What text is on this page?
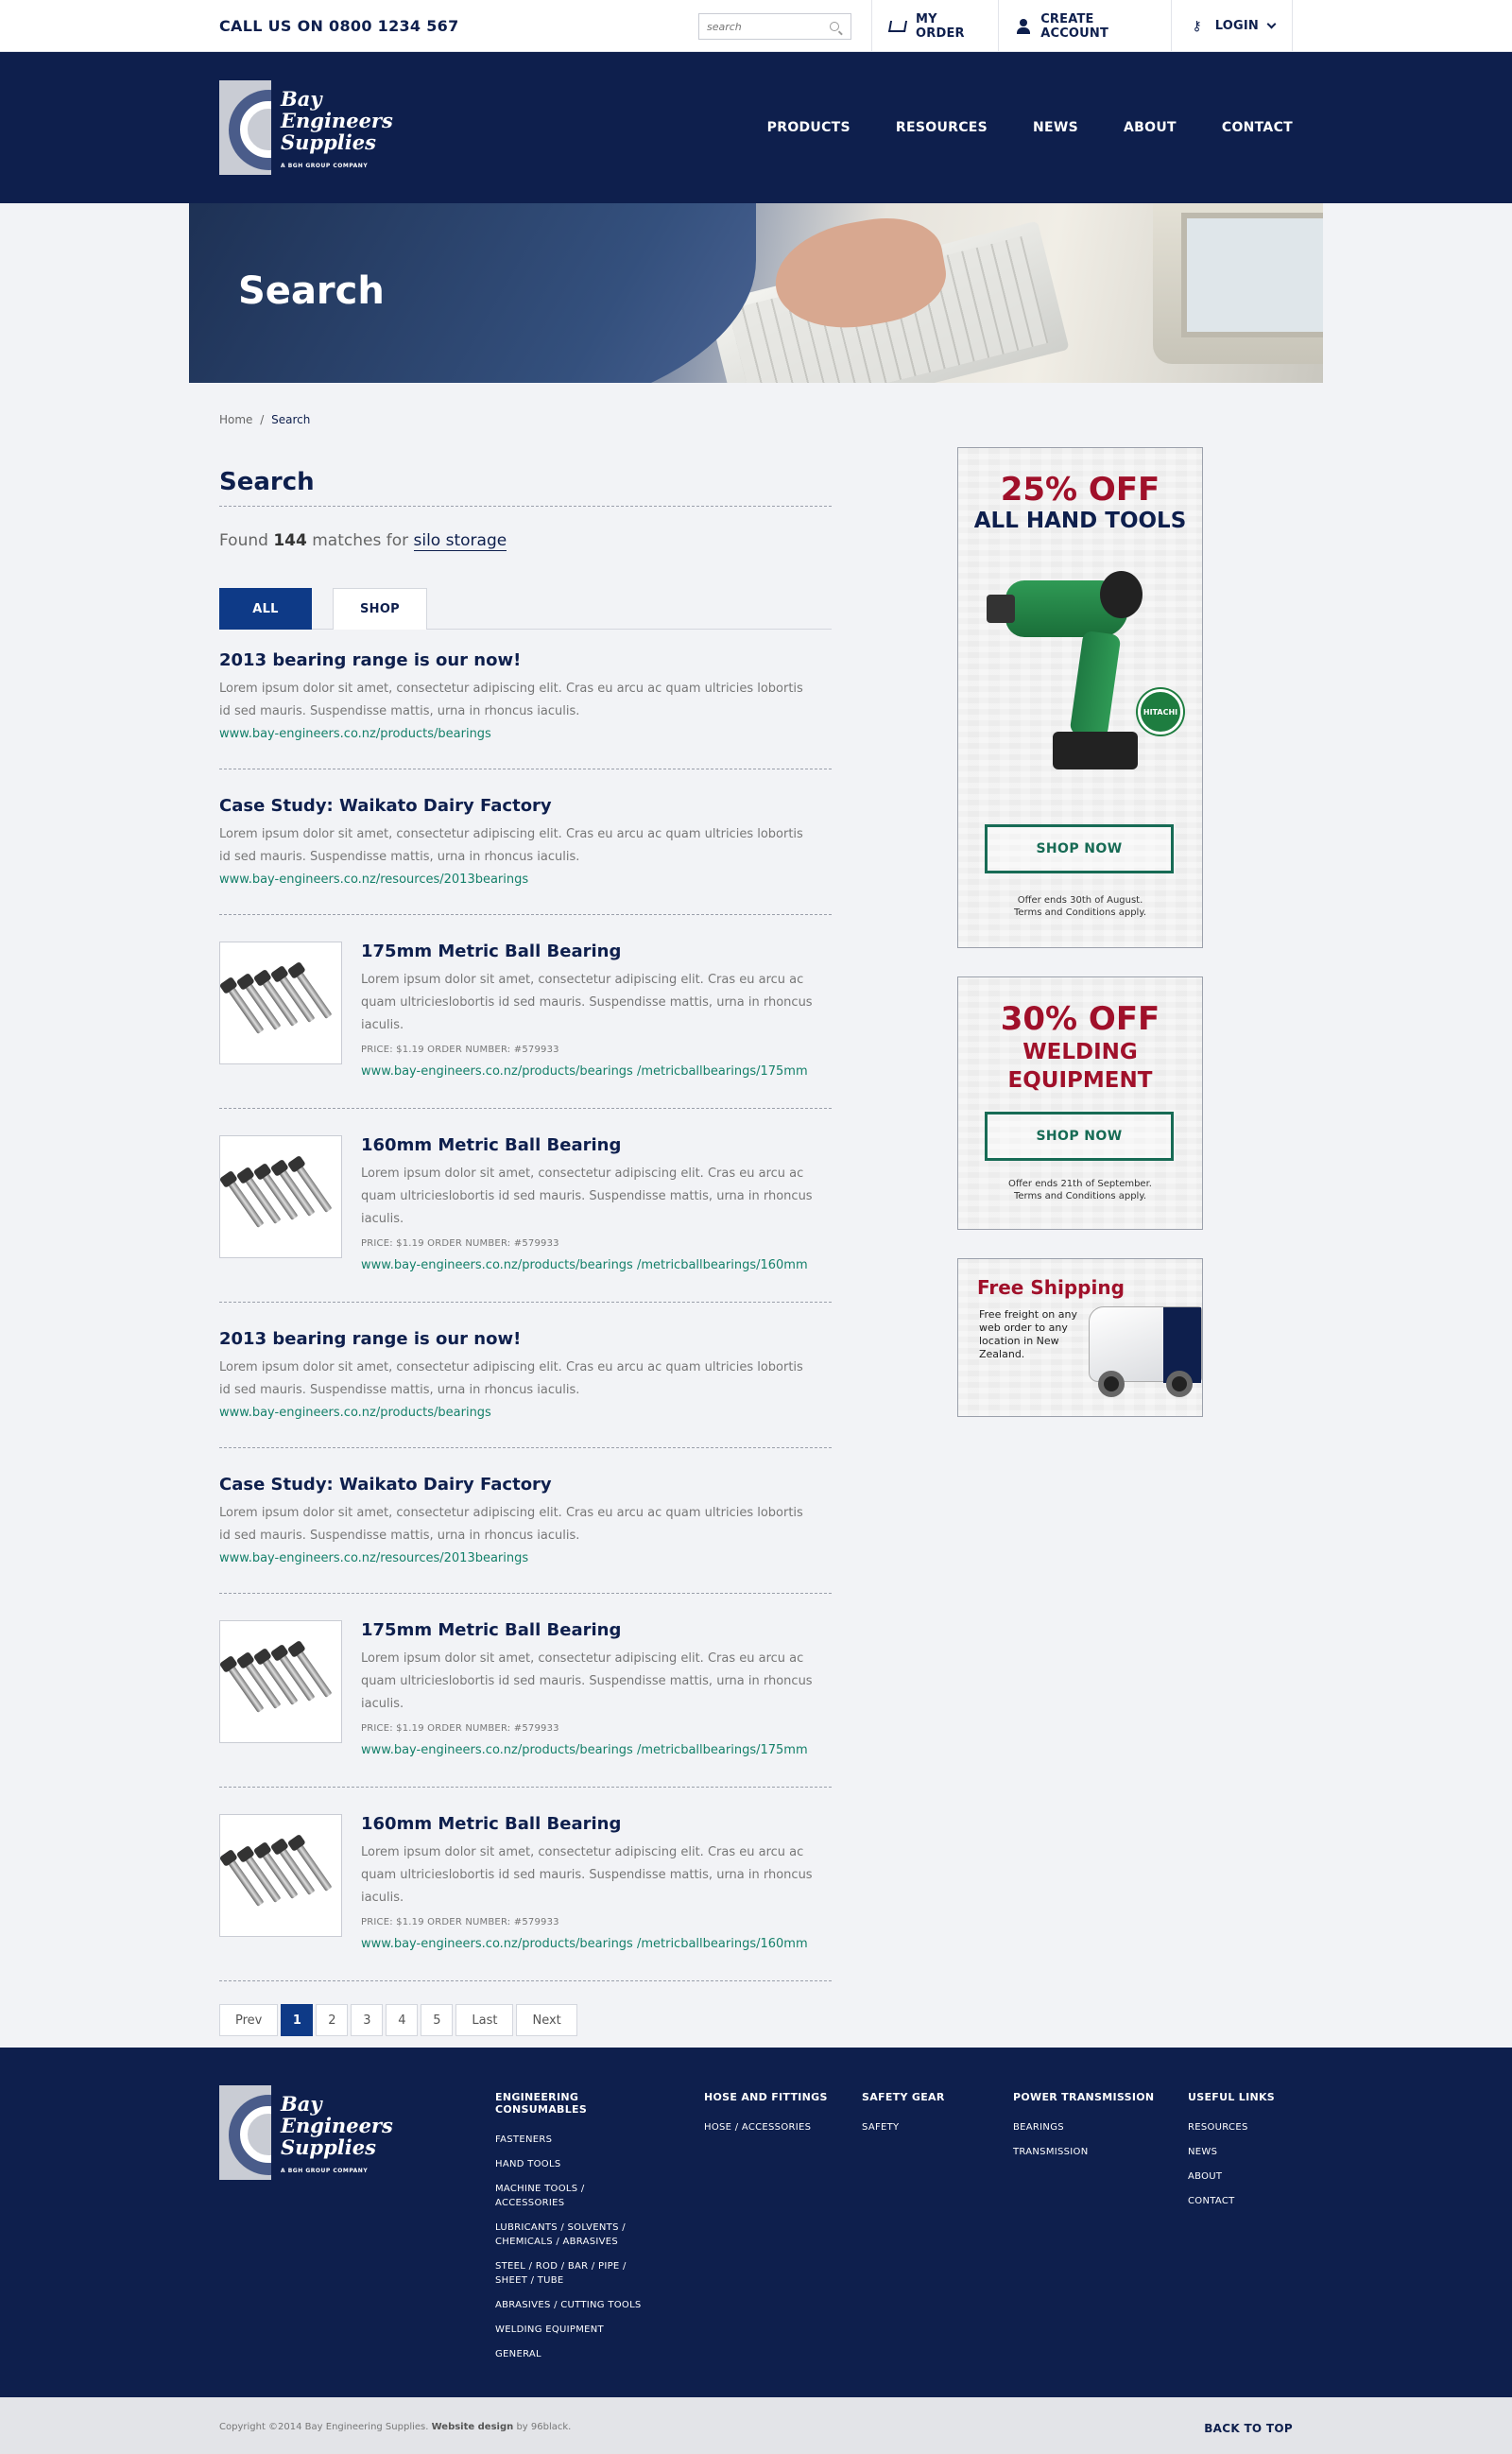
CALL US ON 0800 1234 567
search	MY ORDER
CREATE ACCOUNT	⚷ LOGIN
Bay
Engineers
Supplies
A BGH GROUP COMPANY
PRODUCTS	RESOURCES	NEWS	ABOUT	CONTACT
Search
Home / Search
Search
Found 144 matches for silo storage
ALL	SHOP
2013 bearing range is our now!

Lorem ipsum dolor sit amet, consectetur adipiscing elit. Cras eu arcu ac quam ultricies lobortis id sed mauris. Suspendisse mattis, urna in rhoncus iaculis.

www.bay-engineers.co.nz/products/bearings
Case Study: Waikato Dairy Factory

Lorem ipsum dolor sit amet, consectetur adipiscing elit. Cras eu arcu ac quam ultricies lobortis id sed mauris. Suspendisse mattis, urna in rhoncus iaculis.

www.bay-engineers.co.nz/resources/2013bearings
175mm Metric Ball Bearing

Lorem ipsum dolor sit amet, consectetur adipiscing elit. Cras eu arcu ac quam ultricieslobortis id sed mauris. Suspendisse mattis, urna in rhoncus iaculis.

PRICE: $1.19 ORDER NUMBER: #579933
www.bay-engineers.co.nz/products/bearings /metricballbearings/175mm
160mm Metric Ball Bearing

Lorem ipsum dolor sit amet, consectetur adipiscing elit. Cras eu arcu ac quam ultricieslobortis id sed mauris. Suspendisse mattis, urna in rhoncus iaculis.

PRICE: $1.19 ORDER NUMBER: #579933
www.bay-engineers.co.nz/products/bearings /metricballbearings/160mm
2013 bearing range is our now!

Lorem ipsum dolor sit amet, consectetur adipiscing elit. Cras eu arcu ac quam ultricies lobortis id sed mauris. Suspendisse mattis, urna in rhoncus iaculis.

www.bay-engineers.co.nz/products/bearings
Case Study: Waikato Dairy Factory

Lorem ipsum dolor sit amet, consectetur adipiscing elit. Cras eu arcu ac quam ultricies lobortis id sed mauris. Suspendisse mattis, urna in rhoncus iaculis.

www.bay-engineers.co.nz/resources/2013bearings
175mm Metric Ball Bearing

Lorem ipsum dolor sit amet, consectetur adipiscing elit. Cras eu arcu ac quam ultricieslobortis id sed mauris. Suspendisse mattis, urna in rhoncus iaculis.

PRICE: $1.19 ORDER NUMBER: #579933
www.bay-engineers.co.nz/products/bearings /metricballbearings/175mm
160mm Metric Ball Bearing

Lorem ipsum dolor sit amet, consectetur adipiscing elit. Cras eu arcu ac quam ultricieslobortis id sed mauris. Suspendisse mattis, urna in rhoncus iaculis.

PRICE: $1.19 ORDER NUMBER: #579933
www.bay-engineers.co.nz/products/bearings /metricballbearings/160mm
Prev	1	2	3	4	5	Last	Next
25% OFF
ALL HAND TOOLS
HITACHI
SHOP NOW
Offer ends 30th of August.
Terms and Conditions apply.
30% OFF
WELDING
EQUIPMENT
SHOP NOW
Offer ends 21th of September.
Terms and Conditions apply.
Free Shipping
Free freight on any web order to any location in New Zealand.
Bay
Engineers
Supplies
A BGH GROUP COMPANY
ENGINEERING CONSUMABLES
FASTENERS
HAND TOOLS
MACHINE TOOLS / ACCESSORIES
LUBRICANTS / SOLVENTS / CHEMICALS / ABRASIVES
STEEL / ROD / BAR / PIPE / SHEET / TUBE
ABRASIVES / CUTTING TOOLS
WELDING EQUIPMENT
GENERAL
HOSE AND FITTINGS
HOSE / ACCESSORIES
SAFETY GEAR
SAFETY
POWER TRANSMISSION
BEARINGS
TRANSMISSION
USEFUL LINKS
RESOURCES
NEWS
ABOUT
CONTACT
Copyright ©2014 Bay Engineering Supplies. Website design by 96black.	BACK TO TOP
